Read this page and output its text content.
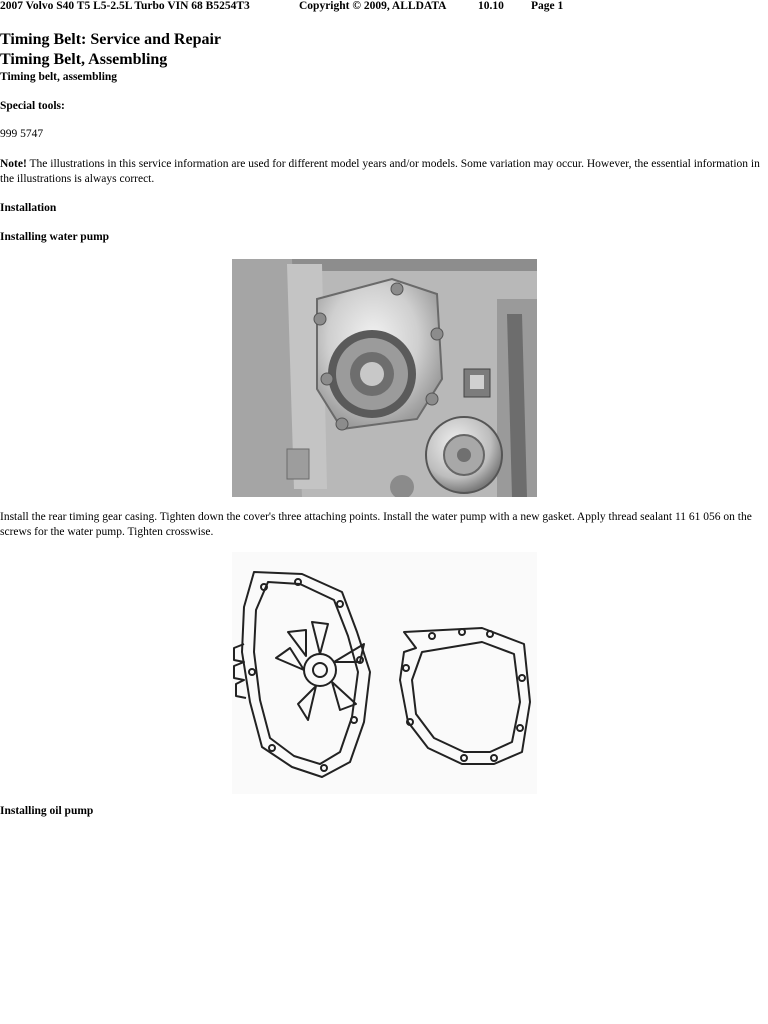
2007 Volvo S40 T5 L5-2.5L Turbo VIN 68 B5254T3	Copyright © 2009, ALLDATA	10.10 Page 1
Timing Belt: Service and Repair
Timing Belt, Assembling
Timing belt, assembling

Special tools:

999 5747

Note! The illustrations in this service information are used for different model years and/or models. Some variation may occur. However, the essential information in the illustrations is always correct.

Installation

Installing water pump

Install the rear timing gear casing. Tighten down the cover's three attaching points. Install the water pump with a new gasket. Apply thread sealant 11 61 056 on the screws for the water pump. Tighten crosswise.

Installing oil pump
